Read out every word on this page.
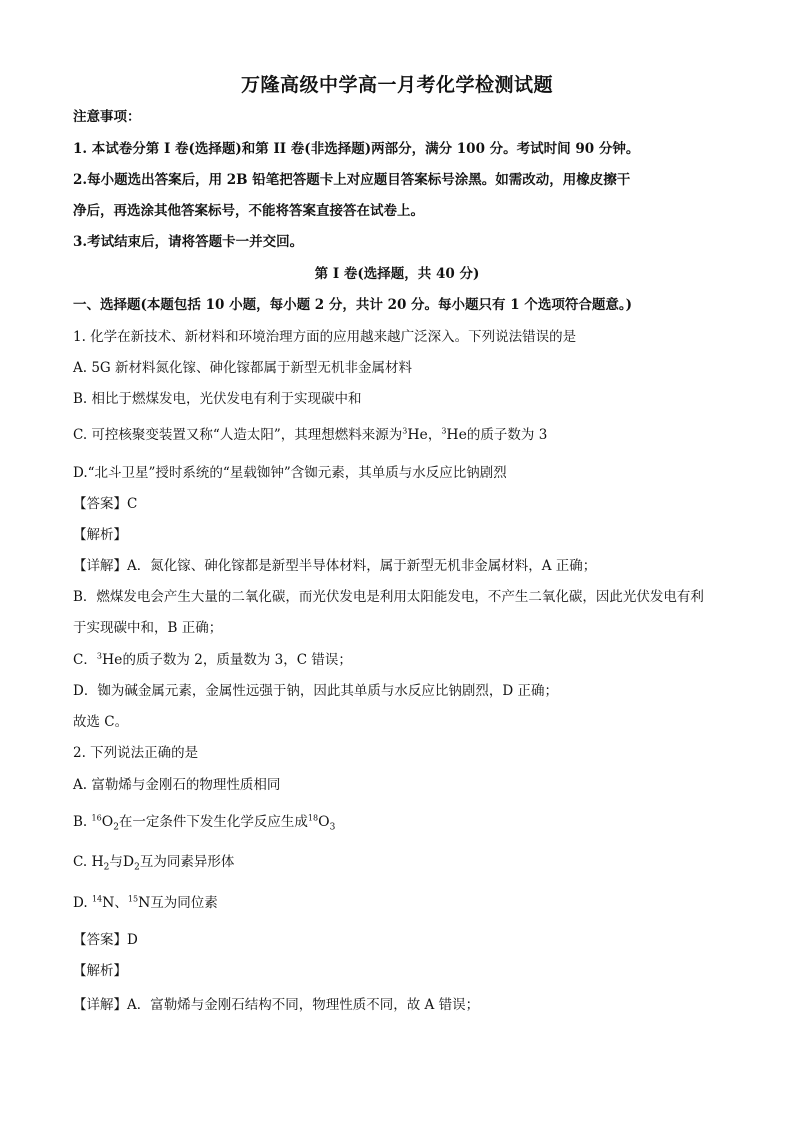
万隆高级中学高一月考化学检测试题
注意事项：
1. 本试卷分第 I 卷(选择题)和第 II 卷(非选择题)两部分，满分 100 分。考试时间 90 分钟。
2.每小题选出答案后，用 2B 铅笔把答题卡上对应题目答案标号涂黑。如需改动，用橡皮擦干
净后，再选涂其他答案标号，不能将答案直接答在试卷上。
3.考试结束后，请将答题卡一并交回。
第 I 卷(选择题，共 40 分)
一、选择题(本题包括 10 小题，每小题 2 分，共计 20 分。每小题只有 1 个选项符合题意。)
1. 化学在新技术、新材料和环境治理方面的应用越来越广泛深入。下列说法错误的是
A. 5G 新材料氮化镓、砷化镓都属于新型无机非金属材料
B. 相比于燃煤发电，光伏发电有利于实现碳中和
C. 可控核聚变装置又称“人造太阳”，其理想燃料来源为$^3$He，$^3$He的质子数为 3
D.“北斗卫星”授时系统的“星载铷钟”含铷元素，其单质与水反应比钠剧烈
【答案】C
【解析】
【详解】A．氮化镓、砷化镓都是新型半导体材料，属于新型无机非金属材料，A 正确；
B．燃煤发电会产生大量的二氧化碳，而光伏发电是利用太阳能发电，不产生二氧化碳，因此光伏发电有利
于实现碳中和，B 正确；
C．$^3$He的质子数为 2，质量数为 3，C 错误；
D．铷为碱金属元素，金属性远强于钠，因此其单质与水反应比钠剧烈，D 正确；
故选 C。
2. 下列说法正确的是
A. 富勒烯与金刚石的物理性质相同
B. $^{16}O_2$在一定条件下发生化学反应生成$^{18}O_3$
C. $H_2$与$D_2$互为同素异形体
D. $^{14}$N、$^{15}$N互为同位素
【答案】D
【解析】
【详解】A．富勒烯与金刚石结构不同，物理性质不同，故 A 错误；
